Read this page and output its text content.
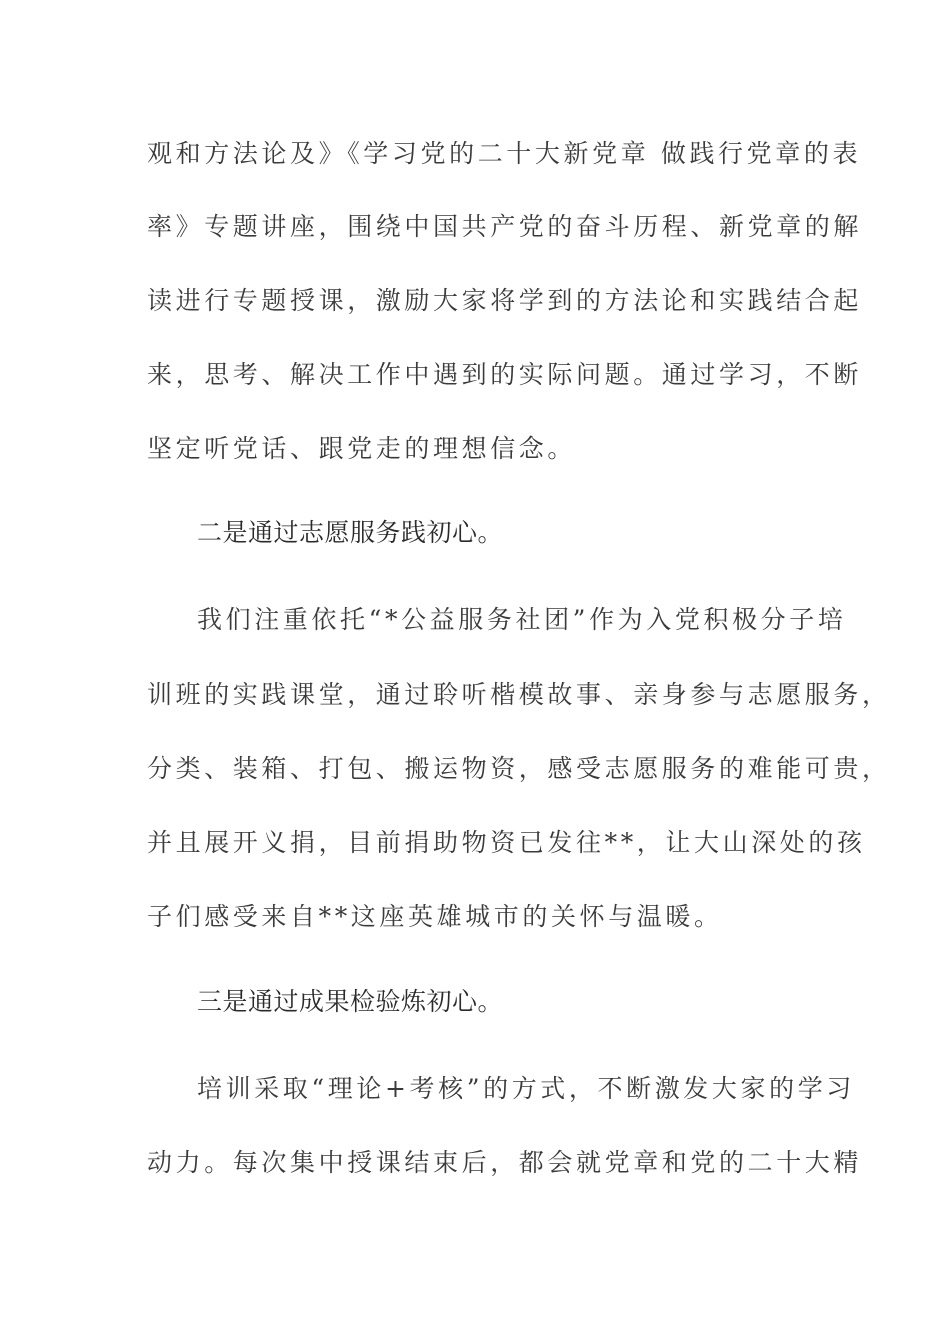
观和方法论及》《学习党的二十大新党章 做践行党章的表
率》专题讲座，围绕中国共产党的奋斗历程、新党章的解
读进行专题授课，激励大家将学到的方法论和实践结合起
来，思考、解决工作中遇到的实际问题。通过学习，不断
坚定听党话、跟党走的理想信念。
二是通过志愿服务践初心。
我们注重依托“*公益服务社团”作为入党积极分子培
训班的实践课堂，通过聆听楷模故事、亲身参与志愿服务，
分类、装箱、打包、搬运物资，感受志愿服务的难能可贵，
并且展开义捐，目前捐助物资已发往**，让大山深处的孩
子们感受来自**这座英雄城市的关怀与温暖。
三是通过成果检验炼初心。
培训采取“理论+考核”的方式，不断激发大家的学习
动力。每次集中授课结束后，都会就党章和党的二十大精
